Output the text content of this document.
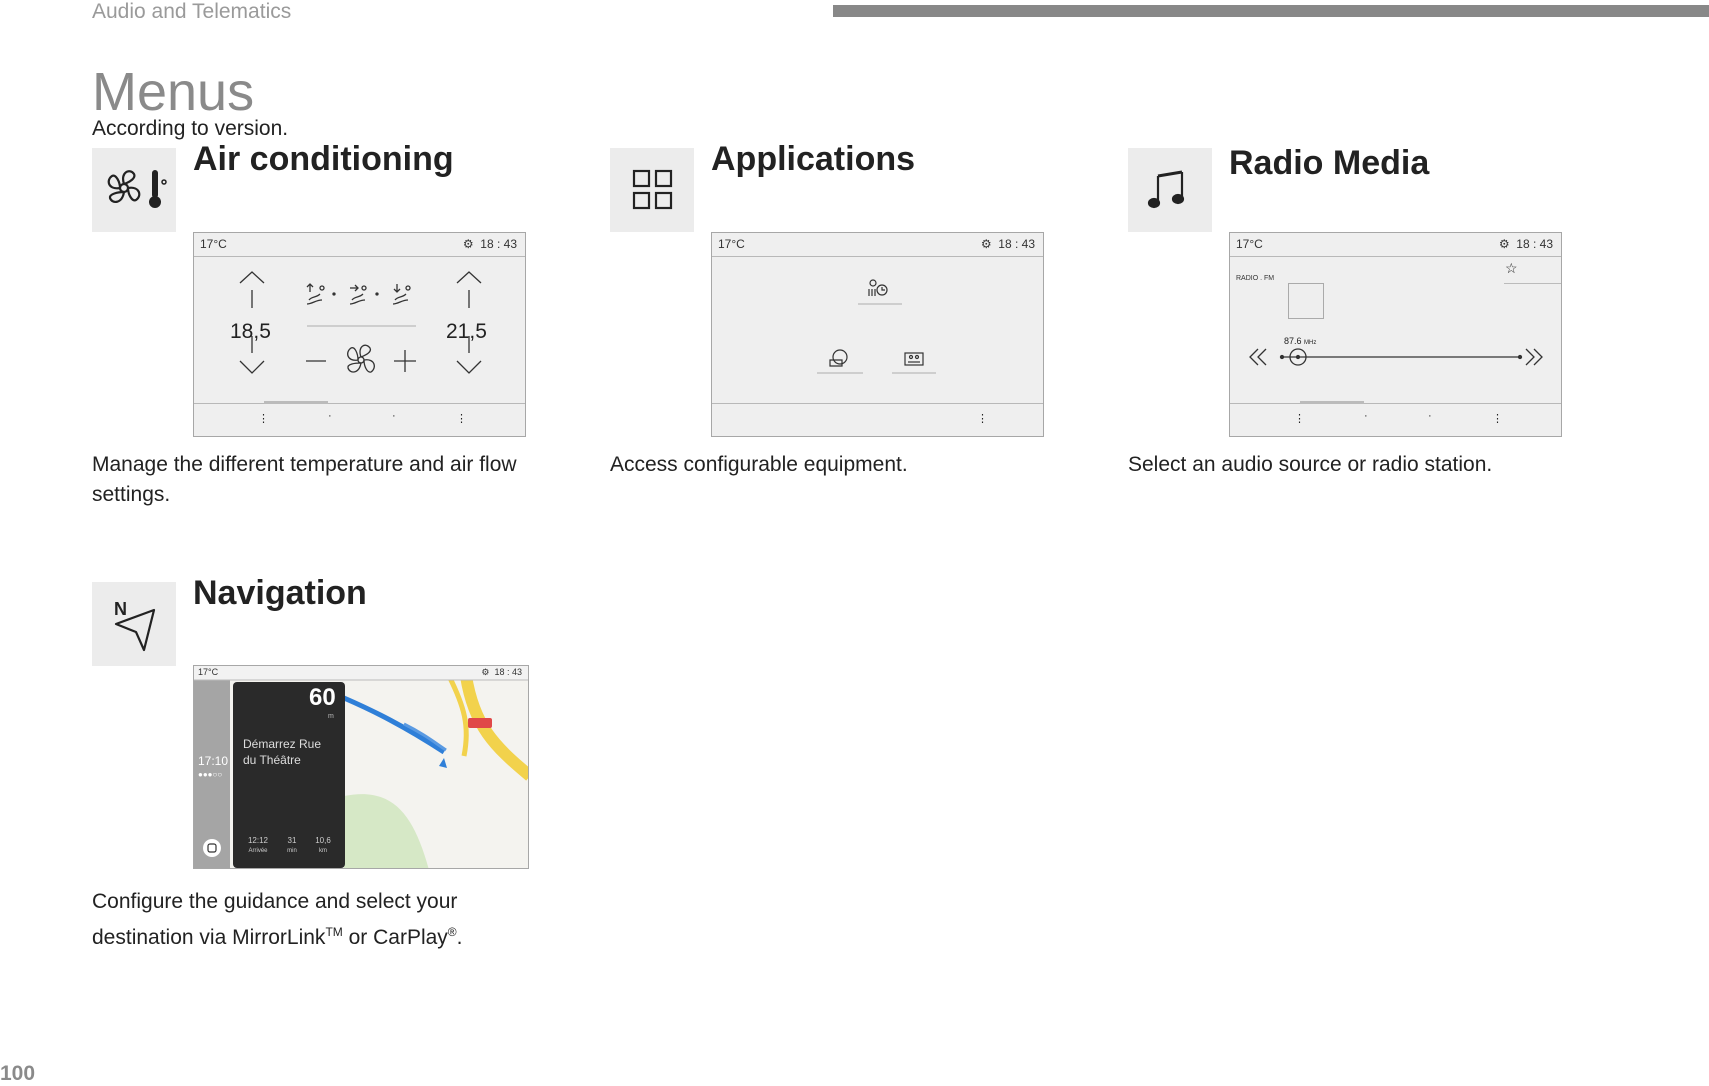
Audio and Telematics
Menus
According to version.
Air conditioning
17°C	⚙ 18 : 43
18,5	21,5
⋮	·	·	⋮
Manage the different temperature and air flow
settings.
Applications
17°C	⚙ 18 : 43
⋮
Access configurable equipment.
Radio Media
17°C	⚙ 18 : 43
RADIO . FM
☆
87.6 MHz
⋮	·	·	⋮
Select an audio source or radio station.
N Navigation
17°C	⚙ 18 : 43
17:10
●●●○○
60
m
Démarrez Rue
du Théâtre
12:12
Arrivée
31
min
10,6
km
Configure the guidance and select your
destination via MirrorLink™ or CarPlay®.
100
